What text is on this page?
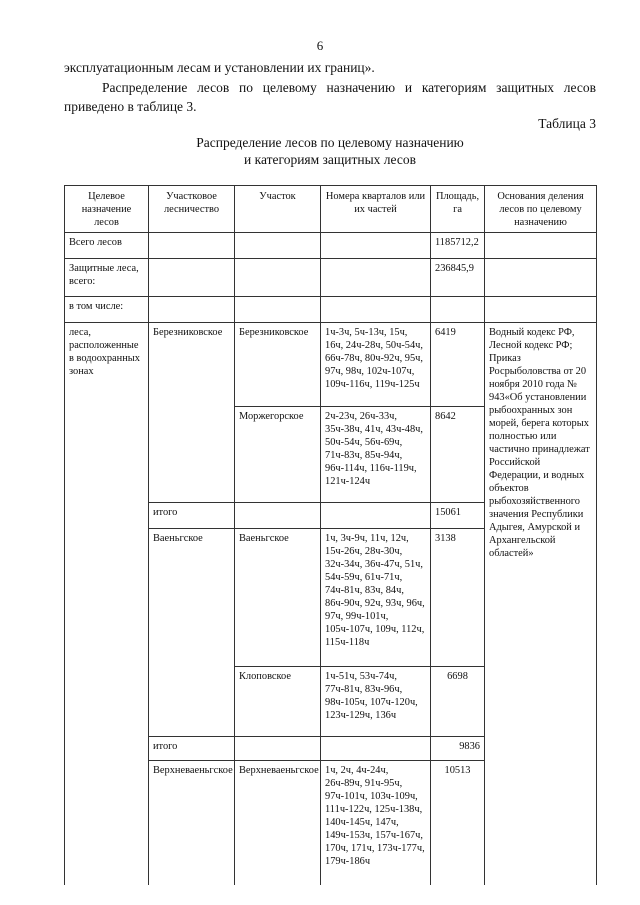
6
эксплуатационным лесам и установлении их границ».
Распределение лесов по целевому назначению и категориям защитных лесов приведено в таблице 3.
Таблица 3
Распределение лесов по целевому назначению
и категориям защитных лесов
Целевое назначение лесов	Участковое лесничество	Участок	Номера кварталов или их частей	Площадь, га	Основания деления лесов по целевому назначению
Всего лесов				1185712,2	
Защитные леса, всего:				236845,9	
в том числе:					
леса, расположенные в водоохранных зонах	Березниковское	Березниковское	1ч-3ч, 5ч-13ч, 15ч, 16ч, 24ч-28ч, 50ч-54ч, 66ч-78ч, 80ч-92ч, 95ч, 97ч, 98ч, 102ч-107ч, 109ч-116ч, 119ч-125ч	6419	Водный кодекс РФ, Лесной кодекс РФ; Приказ Росрыболовства от 20 ноября 2010 года № 943«Об установлении рыбоохранных зон морей, берега которых полностью или частично принадлежат Российской Федерации, и водных объектов рыбохозяйственного значения Республики Адыгея, Амурской и Архангельской областей»
		Моржегорское	2ч-23ч, 26ч-33ч, 35ч-38ч, 41ч, 43ч-48ч, 50ч-54ч, 56ч-69ч, 71ч-83ч, 85ч-94ч, 96ч-114ч, 116ч-119ч, 121ч-124ч	8642	
	итого			15061	
	Ваеньгское	Ваеньгское	1ч, 3ч-9ч, 11ч, 12ч, 15ч-26ч, 28ч-30ч, 32ч-34ч, 36ч-47ч, 51ч, 54ч-59ч, 61ч-71ч, 74ч-81ч, 83ч, 84ч, 86ч-90ч, 92ч, 93ч, 96ч, 97ч, 99ч-101ч, 105ч-107ч, 109ч, 112ч, 115ч-118ч	3138	
		Клоповское	1ч-51ч, 53ч-74ч, 77ч-81ч, 83ч-96ч, 98ч-105ч, 107ч-120ч, 123ч-129ч, 136ч	6698	
	итого			9836	
	Верхневаеньгское	Верхневаеньгское	1ч, 2ч, 4ч-24ч, 26ч-89ч, 91ч-95ч, 97ч-101ч, 103ч-109ч, 111ч-122ч, 125ч-138ч, 140ч-145ч, 147ч, 149ч-153ч, 157ч-167ч, 170ч, 171ч, 173ч-177ч, 179ч-186ч	10513	
